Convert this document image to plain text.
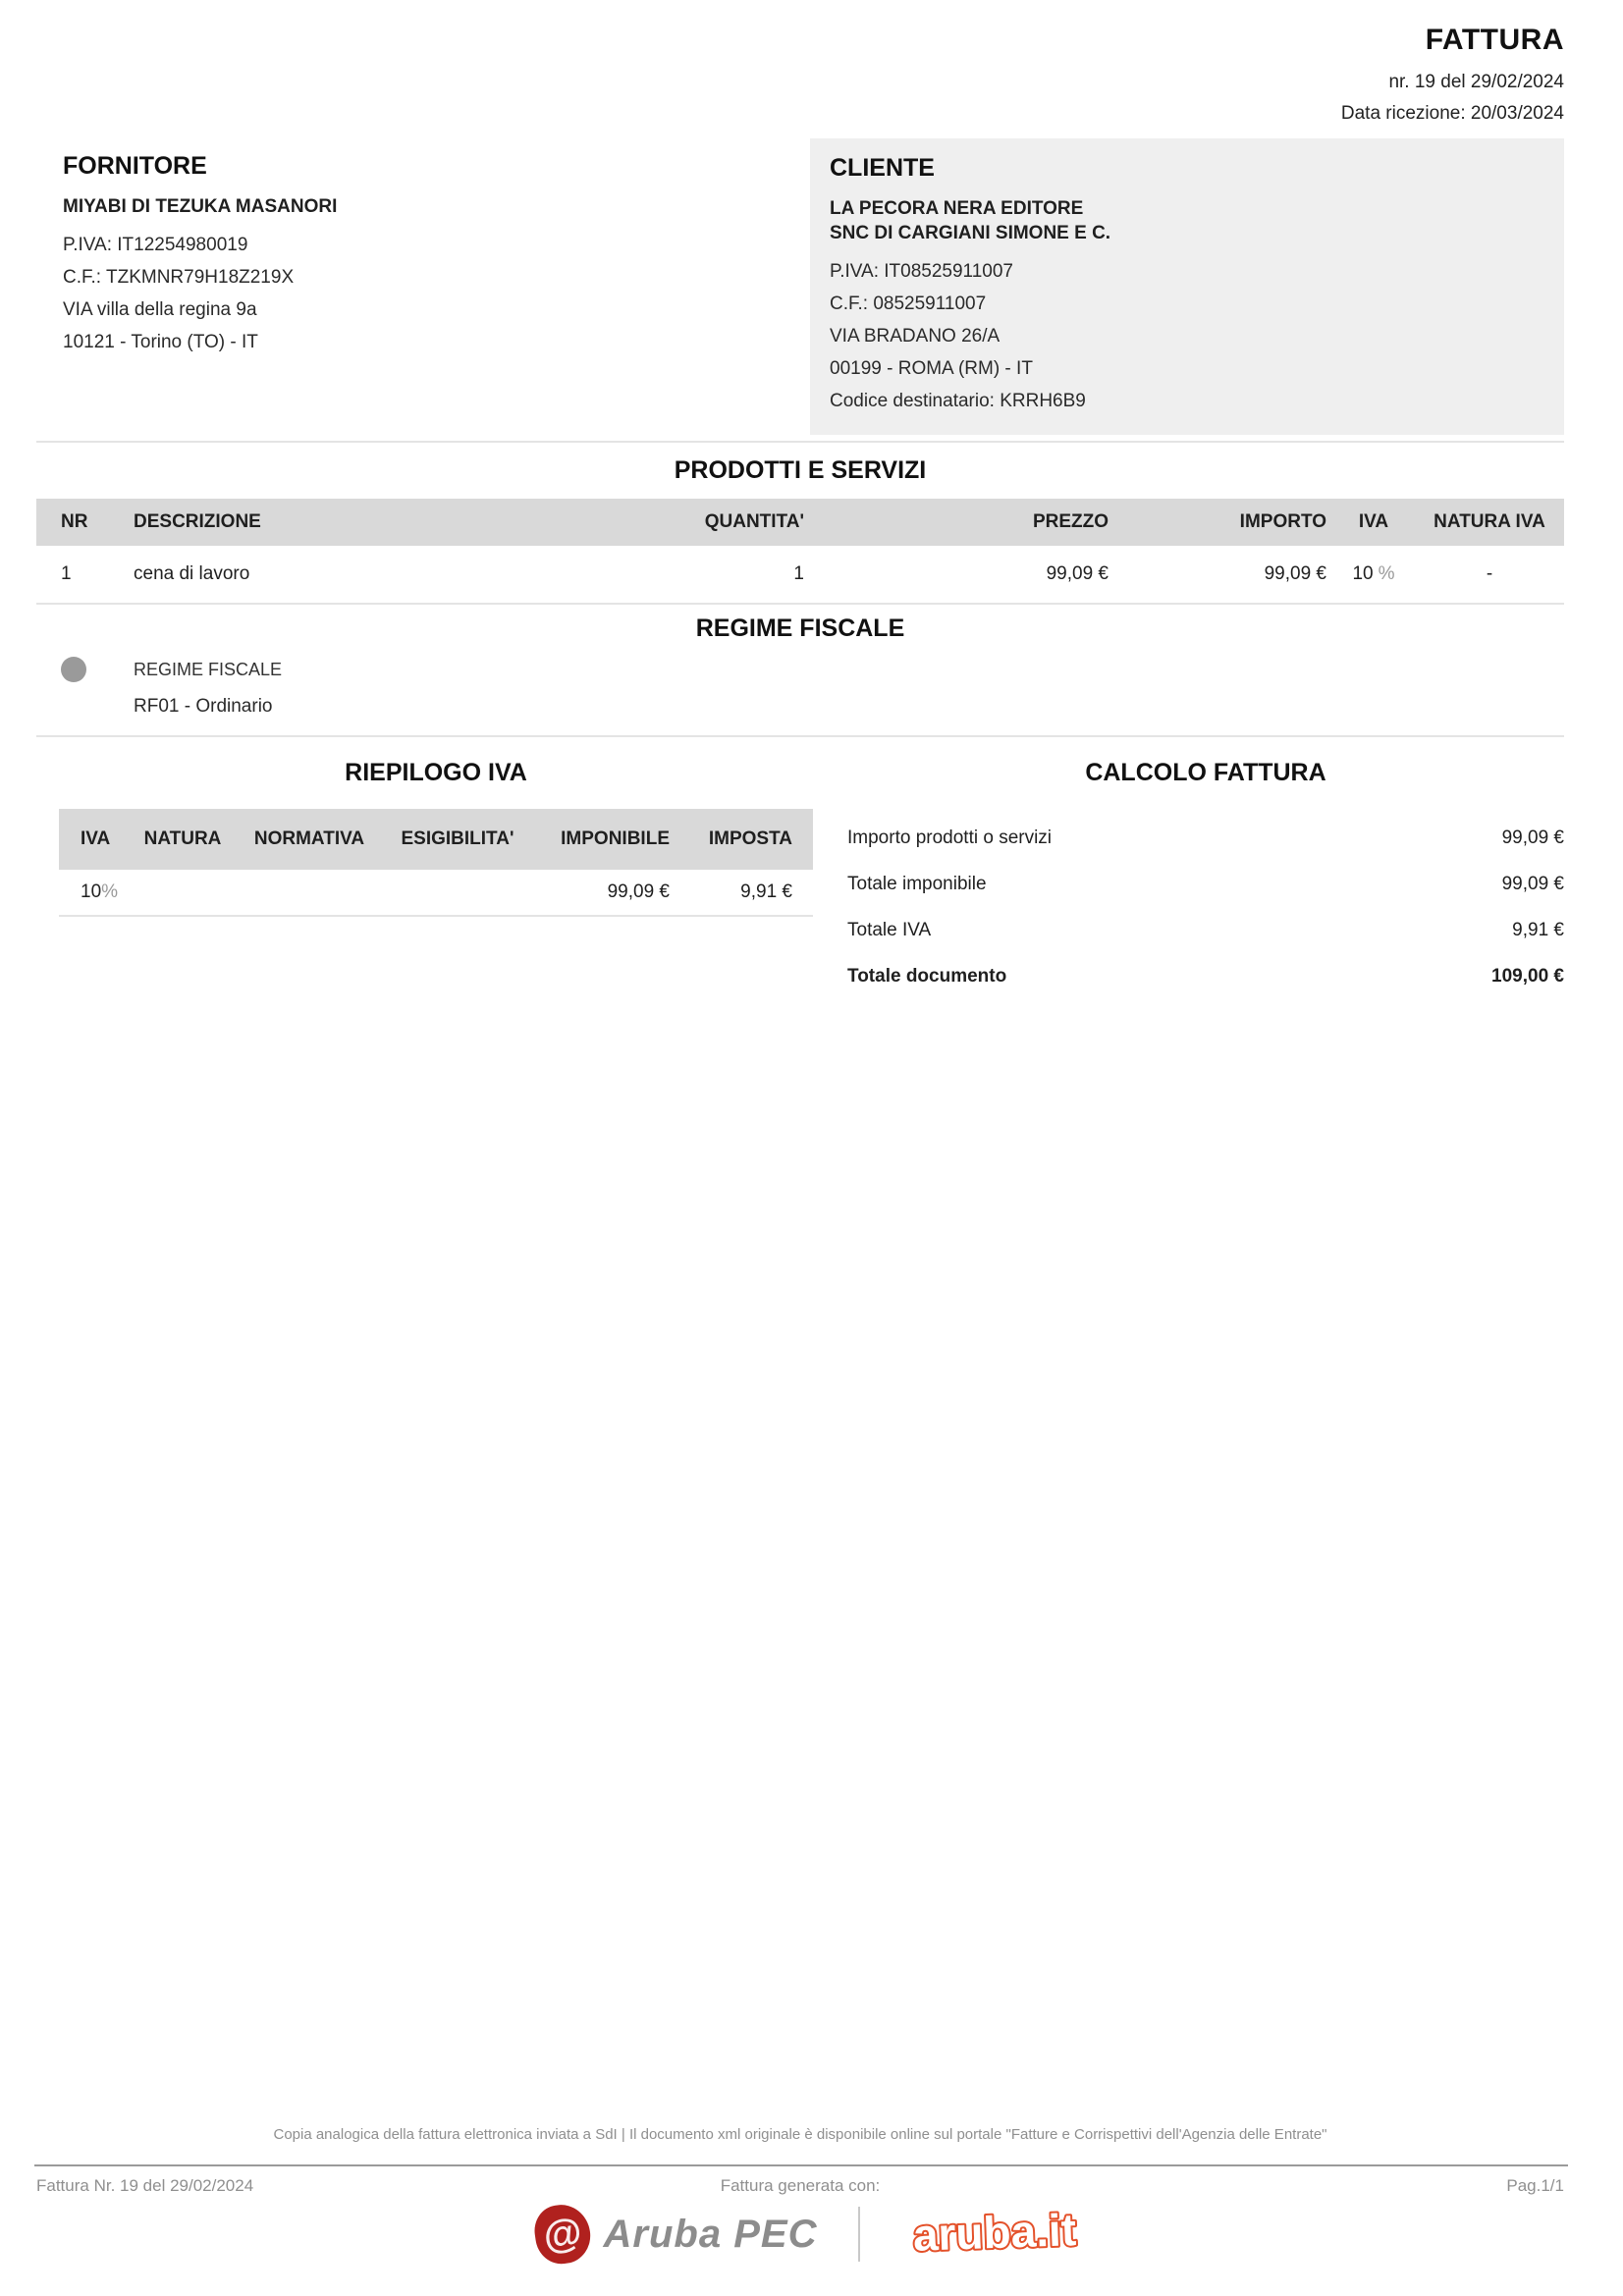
FATTURA
nr. 19 del 29/02/2024
Data ricezione: 20/03/2024
FORNITORE
MIYABI DI TEZUKA MASANORI
P.IVA: IT12254980019
C.F.: TZKMNR79H18Z219X
VIA villa della regina 9a
10121 - Torino (TO) - IT
CLIENTE
LA PECORA NERA EDITORE
SNC DI CARGIANI SIMONE E C.
P.IVA: IT08525911007
C.F.: 08525911007
VIA BRADANO 26/A
00199 - ROMA (RM) - IT
Codice destinatario: KRRH6B9
PRODOTTI E SERVIZI
NR	DESCRIZIONE	QUANTITA'	PREZZO	IMPORTO	IVA	NATURA IVA
1	cena di lavoro	1	99,09 €	99,09 €	10 %	-
REGIME FISCALE
REGIME FISCALE
RF01 - Ordinario
RIEPILOGO IVA
IVA	NATURA	NORMATIVA	ESIGIBILITA'	IMPONIBILE	IMPOSTA
10%				99,09 €	9,91 €
CALCOLO FATTURA
Importo prodotti o servizi	99,09 €
Totale imponibile	99,09 €
Totale IVA	9,91 €
Totale documento	109,00 €
Copia analogica della fattura elettronica inviata a SdI | Il documento xml originale è disponibile online sul portale "Fatture e Corrispettivi dell'Agenzia delle Entrate"
Fattura Nr. 19 del 29/02/2024	Fattura generata con:	Pag.1/1
@ Aruba PEC aruba.it
